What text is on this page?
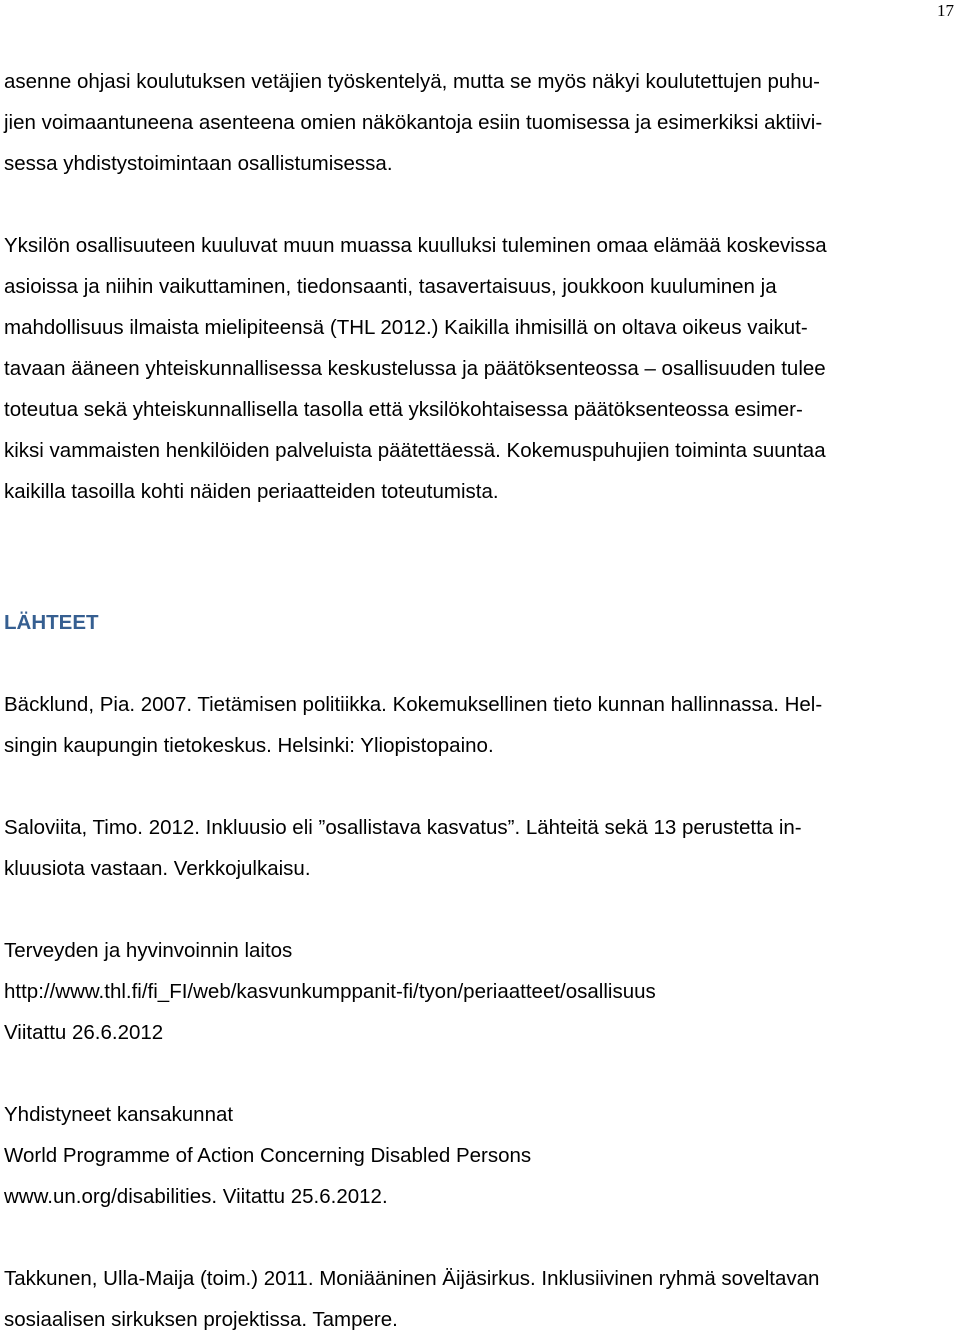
17

asenne ohjasi koulutuksen vetäjien työskentelyä, mutta se myös näkyi koulutettujen puhu-
jien voimaantuneena asenteena omien näkökantoja esiin tuomisessa ja esimerkiksi aktiivi-
sessa yhdistystoimintaan osallistumisessa.

Yksilön osallisuuteen kuuluvat muun muassa kuulluksi tuleminen omaa elämää koskevissa
asioissa ja niihin vaikuttaminen, tiedonsaanti, tasavertaisuus, joukkoon kuuluminen ja
mahdollisuus ilmaista mielipiteensä (THL 2012.) Kaikilla ihmisillä on oltava oikeus vaikut-
tavaan ääneen yhteiskunnallisessa keskustelussa ja päätöksenteossa – osallisuuden tulee
toteutua sekä yhteiskunnallisella tasolla että yksilökohtaisessa päätöksenteossa esimer-
kiksi vammaisten henkilöiden palveluista päätettäessä. Kokemuspuhujien toiminta suuntaa
kaikilla tasoilla kohti näiden periaatteiden toteutumista.

LÄHTEET

Bäcklund, Pia. 2007. Tietämisen politiikka. Kokemuksellinen tieto kunnan hallinnassa. Hel-
singin kaupungin tietokeskus. Helsinki: Yliopistopaino.

Saloviita, Timo. 2012. Inkluusio eli ”osallistava kasvatus”. Lähteitä sekä 13 perustetta in-
kluusiota vastaan. Verkkojulkaisu.

Terveyden ja hyvinvoinnin laitos
http://www.thl.fi/fi_FI/web/kasvunkumppanit-fi/tyon/periaatteet/osallisuus
Viitattu 26.6.2012

Yhdistyneet kansakunnat
World Programme of Action Concerning Disabled Persons
www.un.org/disabilities. Viitattu 25.6.2012.

Takkunen, Ulla-Maija (toim.) 2011. Moniääninen Äijäsirkus. Inklusiivinen ryhmä soveltavan
sosiaalisen sirkuksen projektissa. Tampere.
